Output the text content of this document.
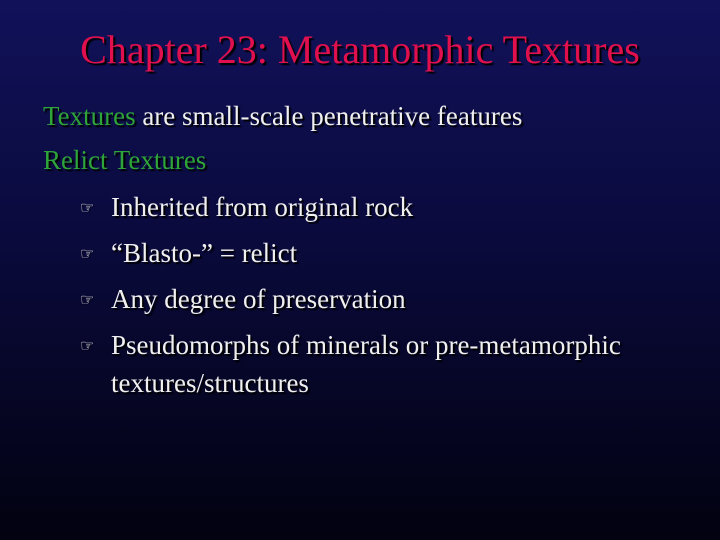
Chapter 23: Metamorphic Textures
Textures are small-scale penetrative features
Relict Textures
☞ Inherited from original rock
☞ “Blasto-” = relict
☞ Any degree of preservation
☞ Pseudomorphs of minerals or pre-metamorphic
textures/structures
